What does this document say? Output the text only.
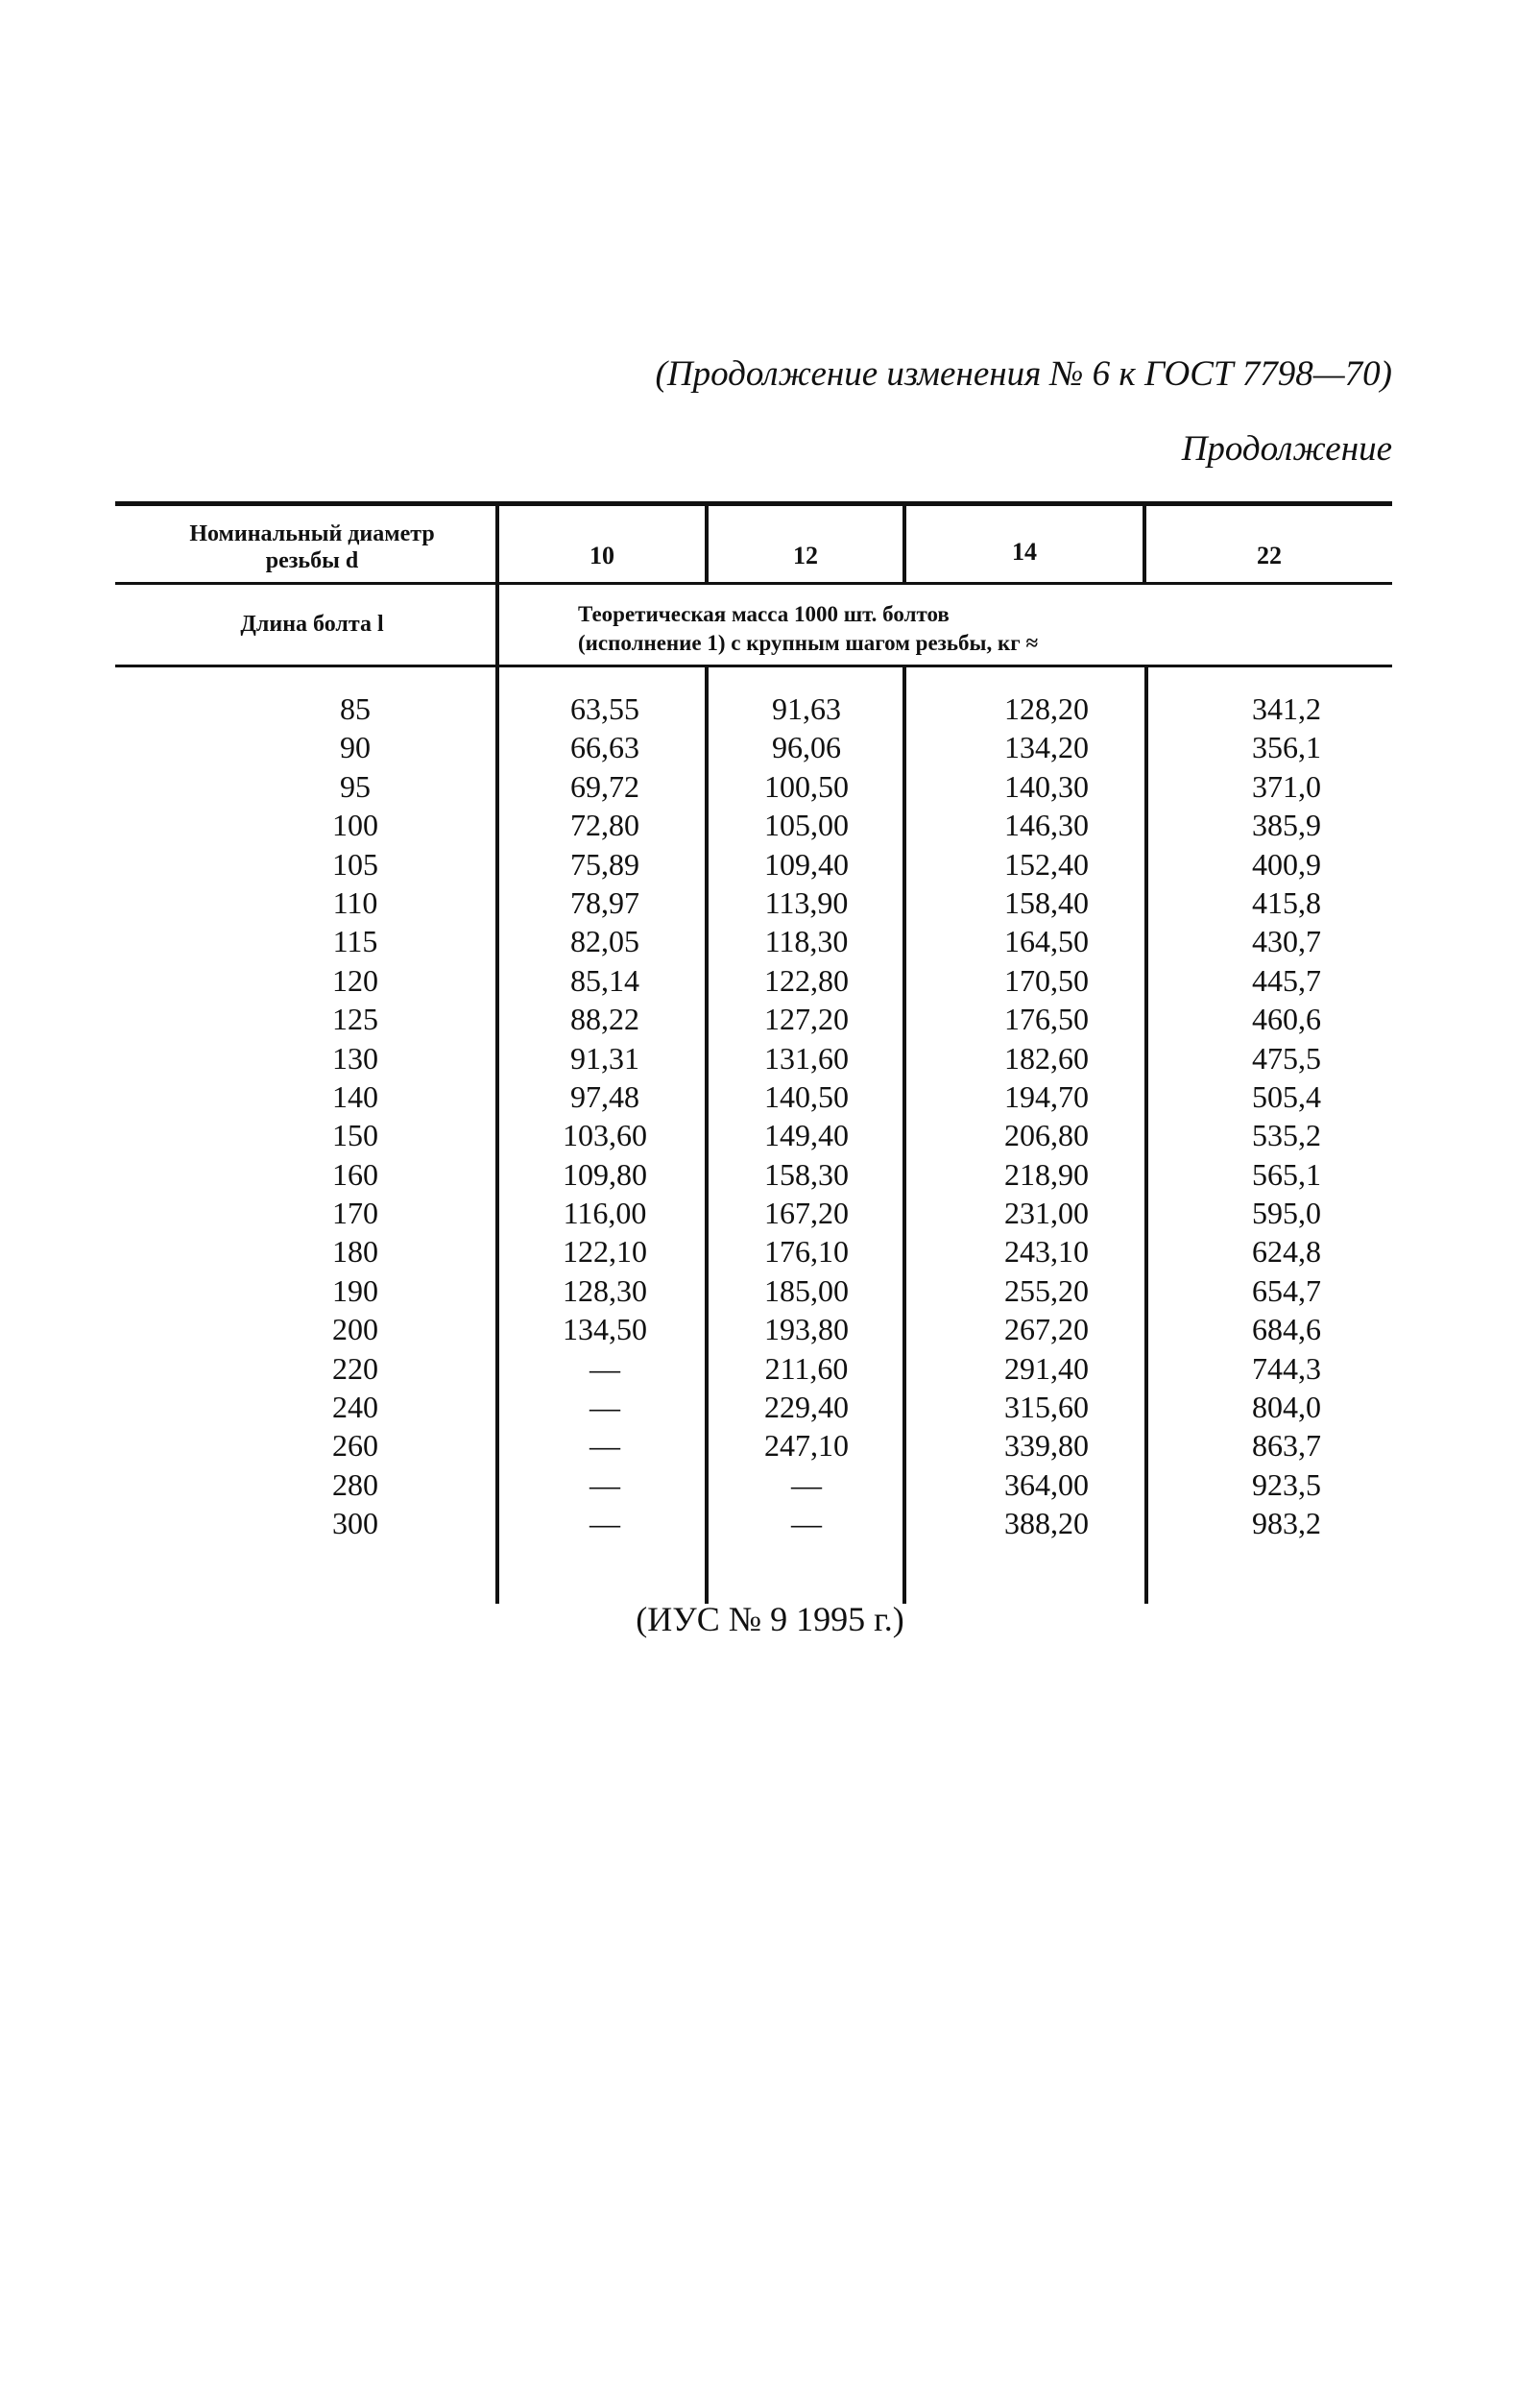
(Продолжение изменения № 6 к ГОСТ 7798—70)
Продолжение
Номинальный диаметр резьбы d	10	12	14	22
Длина болта l	Теоретическая масса 1000 шт. болтов
(исполнение 1) с крупным шагом резьбы, кг ≈
85	63,55	91,63	128,20	341,2
90	66,63	96,06	134,20	356,1
95	69,72	100,50	140,30	371,0
100	72,80	105,00	146,30	385,9
105	75,89	109,40	152,40	400,9
110	78,97	113,90	158,40	415,8
115	82,05	118,30	164,50	430,7
120	85,14	122,80	170,50	445,7
125	88,22	127,20	176,50	460,6
130	91,31	131,60	182,60	475,5
140	97,48	140,50	194,70	505,4
150	103,60	149,40	206,80	535,2
160	109,80	158,30	218,90	565,1
170	116,00	167,20	231,00	595,0
180	122,10	176,10	243,10	624,8
190	128,30	185,00	255,20	654,7
200	134,50	193,80	267,20	684,6
220	—	211,60	291,40	744,3
240	—	229,40	315,60	804,0
260	—	247,10	339,80	863,7
280	—	—	364,00	923,5
300	—	—	388,20	983,2
(ИУС № 9 1995 г.)
